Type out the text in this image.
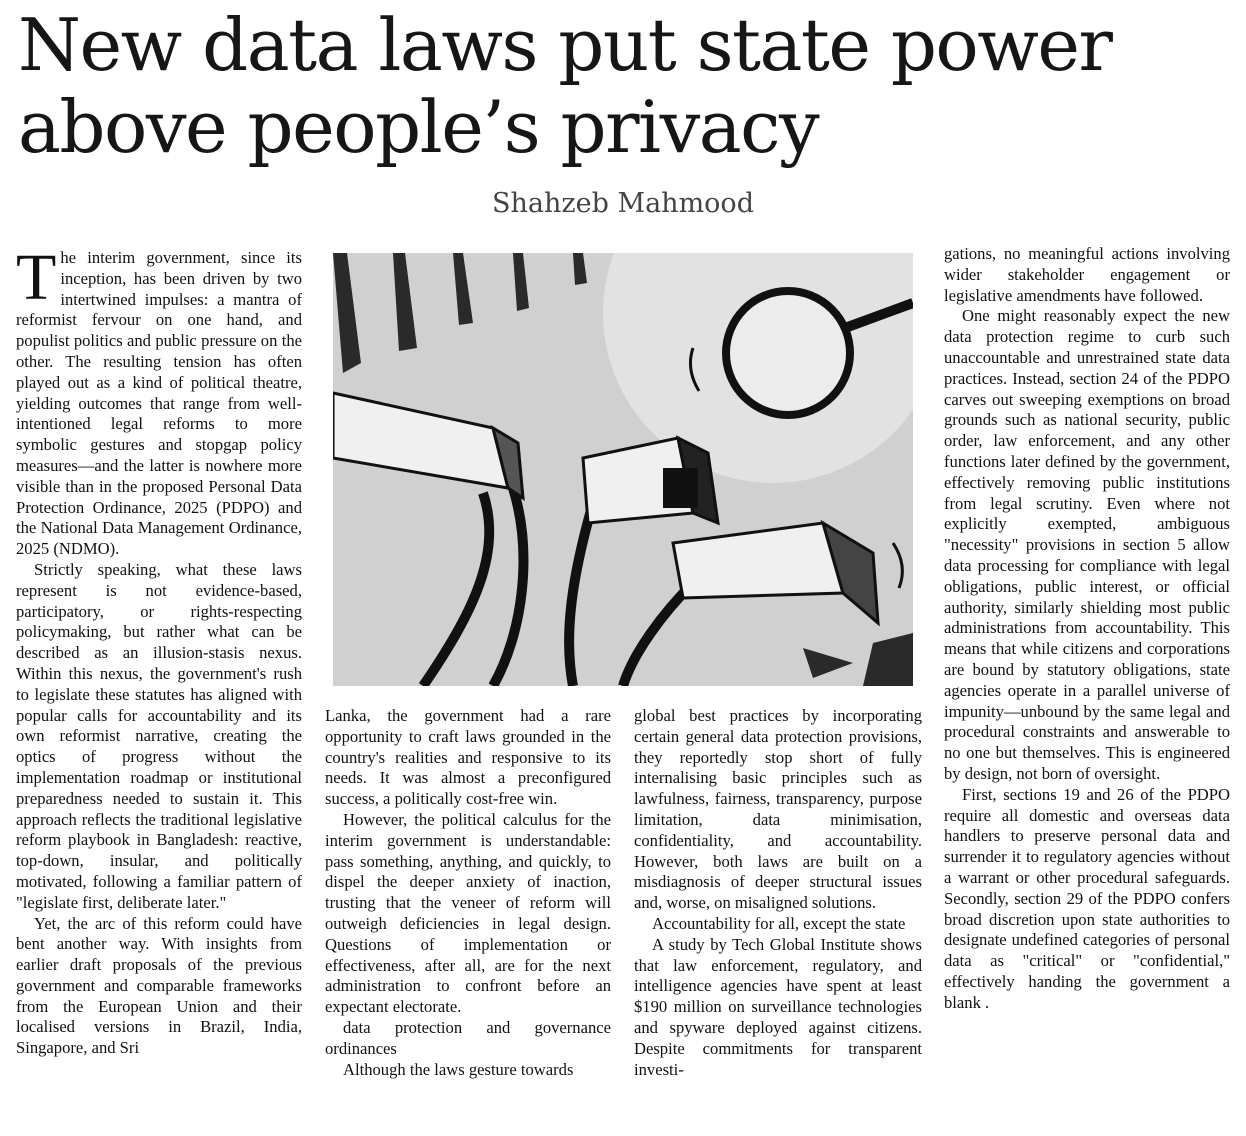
New data laws put state power above people’s privacy
Shahzeb Mahmood

The interim government, since its inception, has been driven by two intertwined impulses: a mantra of reformist fervour on one hand, and populist politics and public pressure on the other. The resulting tension has often played out as a kind of political theatre, yielding outcomes that range from well-intentioned legal reforms to more symbolic gestures and stopgap policy measures—and the latter is nowhere more visible than in the proposed Personal Data Protection Ordinance, 2025 (PDPO) and the National Data Management Ordinance, 2025 (NDMO).

Strictly speaking, what these laws represent is not evidence-based, participatory, or rights-respecting policymaking, but rather what can be described as an illusion-stasis nexus. Within this nexus, the government's rush to legislate these statutes has aligned with popular calls for accountability and its own reformist narrative, creating the optics of progress without the implementation roadmap or institutional preparedness needed to sustain it. This approach reflects the traditional legislative reform playbook in Bangladesh: reactive, top-down, insular, and politically motivated, following a familiar pattern of "legislate first, deliberate later."

Yet, the arc of this reform could have bent another way. With insights from earlier draft proposals of the previous government and comparable frameworks from the European Union and their localised versions in Brazil, India, Singapore, and Sri

Lanka, the government had a rare opportunity to craft laws grounded in the country's realities and responsive to its needs. It was almost a preconfigured success, a politically cost-free win.

However, the political calculus for the interim government is understandable: pass something, anything, and quickly, to dispel the deeper anxiety of inaction, trusting that the veneer of reform will outweigh deficiencies in legal design. Questions of implementation or effectiveness, after all, are for the next administration to confront before an expectant electorate.

data protection and governance ordinances

Although the laws gesture towards

global best practices by incorporating certain general data protection provisions, they reportedly stop short of fully internalising basic principles such as lawfulness, fairness, transparency, purpose limitation, data minimisation, confidentiality, and accountability. However, both laws are built on a misdiagnosis of deeper structural issues and, worse, on misaligned solutions.

Accountability for all, except the state

A study by Tech Global Institute shows that law enforcement, regulatory, and intelligence agencies have spent at least $190 million on surveillance technologies and spyware deployed against citizens. Despite commitments for transparent investi-

gations, no meaningful actions involving wider stakeholder engagement or legislative amendments have followed.

One might reasonably expect the new data protection regime to curb such unaccountable and unrestrained state data practices. Instead, section 24 of the PDPO carves out sweeping exemptions on broad grounds such as national security, public order, law enforcement, and any other functions later defined by the government, effectively removing public institutions from legal scrutiny. Even where not explicitly exempted, ambiguous "necessity" provisions in section 5 allow data processing for compliance with legal obligations, public interest, or official authority, similarly shielding most public administrations from accountability. This means that while citizens and corporations are bound by statutory obligations, state agencies operate in a parallel universe of impunity—unbound by the same legal and procedural constraints and answerable to no one but themselves. This is engineered by design, not born of oversight.

First, sections 19 and 26 of the PDPO require all domestic and overseas data handlers to preserve personal data and surrender it to regulatory agencies without a warrant or other procedural safeguards. Secondly, section 29 of the PDPO confers broad discretion upon state authorities to designate undefined categories of personal data as "critical" or "confidential," effectively handing the government a blank .
